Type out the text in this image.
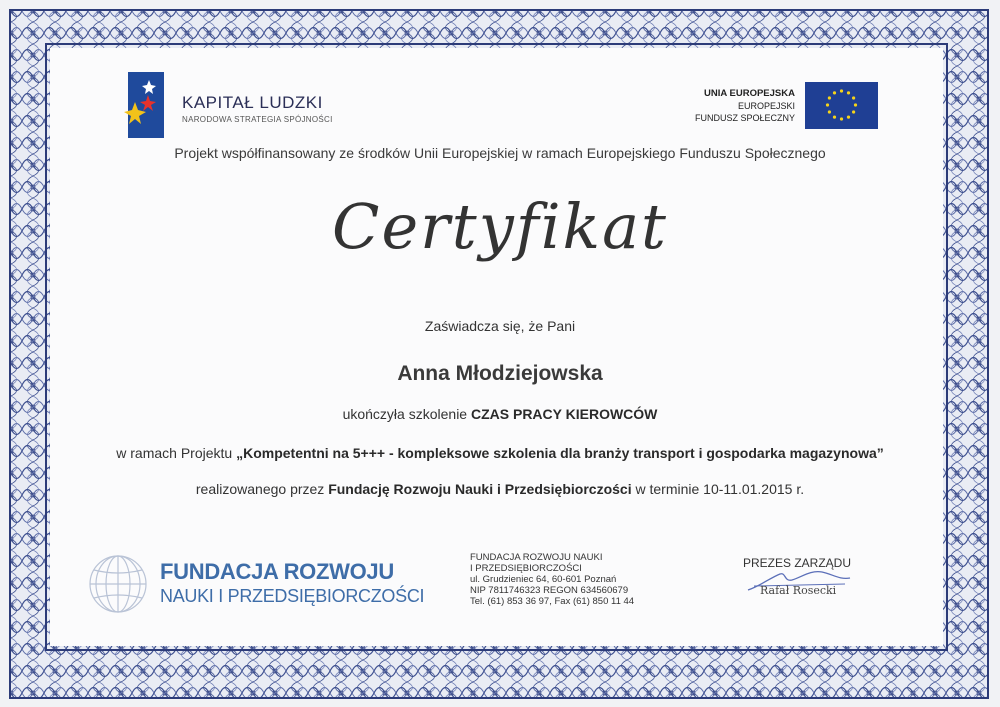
KAPITAŁ LUDZKI
NARODOWA STRATEGIA SPÓJNOŚCI
UNIA EUROPEJSKA
EUROPEJSKI
FUNDUSZ SPOŁECZNY
Projekt współfinansowany ze środków Unii Europejskiej w ramach Europejskiego Funduszu Społecznego
Certyfikat
Zaświadcza się, że Pani
Anna Młodziejowska
ukończyła szkolenie CZAS PRACY KIEROWCÓW
w ramach Projektu „Kompetentni na 5+++ - kompleksowe szkolenia dla branży transport i gospodarka magazynowa”
realizowanego przez Fundację Rozwoju Nauki i Przedsiębiorczości w terminie 10-11.01.2015 r.
FUNDACJA ROZWOJU
NAUKI I PRZEDSIĘBIORCZOŚCI
FUNDACJA ROZWOJU NAUKI
I PRZEDSIĘBIORCZOŚCI
ul. Grudzieniec 64, 60-601 Poznań
NIP 7811746323 REGON 634560679
Tel. (61) 853 36 97, Fax (61) 850 11 44
PREZES ZARZĄDU
Rafał Rosecki
